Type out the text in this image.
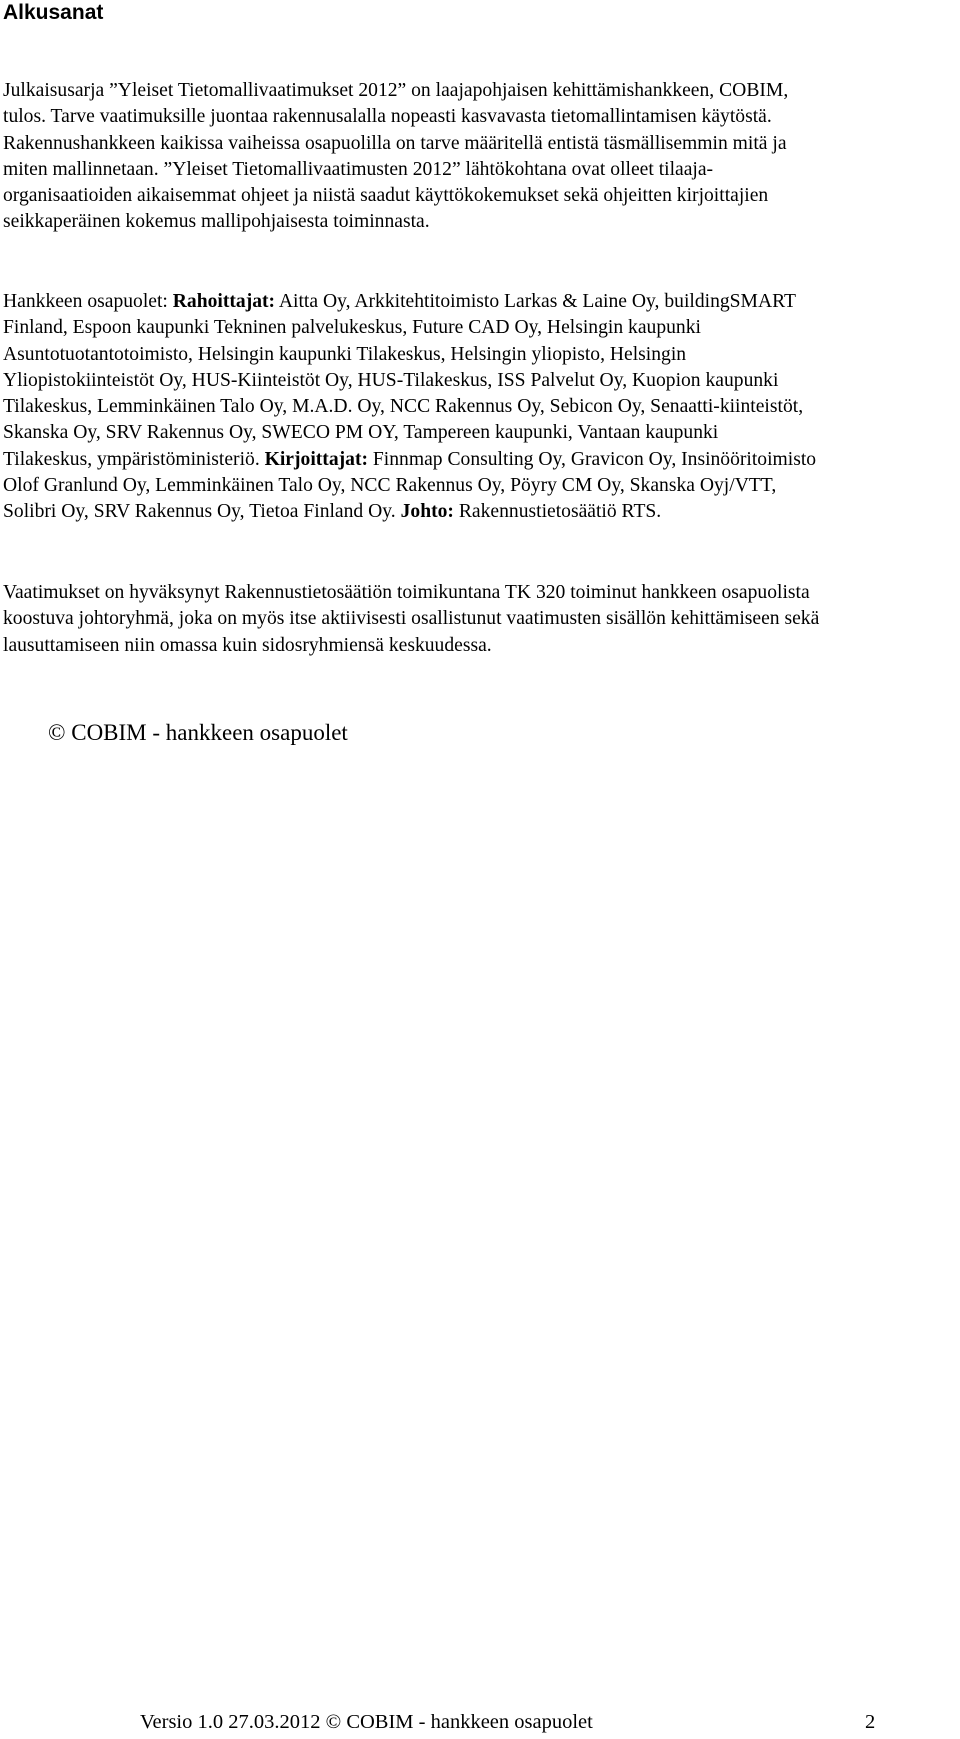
Alkusanat
Julkaisusarja ”Yleiset Tietomallivaatimukset 2012” on laajapohjaisen kehittämishankkeen, COBIM,
tulos. Tarve vaatimuksille juontaa rakennusalalla nopeasti kasvavasta tietomallintamisen käytöstä.
Rakennushankkeen kaikissa vaiheissa osapuolilla on tarve määritellä entistä täsmällisemmin mitä ja
miten mallinnetaan. ”Yleiset Tietomallivaatimusten 2012” lähtökohtana ovat olleet tilaaja-
organisaatioiden aikaisemmat ohjeet ja niistä saadut käyttökokemukset sekä ohjeitten kirjoittajien
seikkaperäinen kokemus mallipohjaisesta toiminnasta.
Hankkeen osapuolet: Rahoittajat: Aitta Oy, Arkkitehtitoimisto Larkas & Laine Oy, buildingSMART
Finland, Espoon kaupunki Tekninen palvelukeskus, Future CAD Oy, Helsingin kaupunki
Asuntotuotantotoimisto, Helsingin kaupunki Tilakeskus, Helsingin yliopisto, Helsingin
Yliopistokiinteistöt Oy, HUS-Kiinteistöt Oy, HUS-Tilakeskus, ISS Palvelut Oy, Kuopion kaupunki
Tilakeskus, Lemminkäinen Talo Oy, M.A.D. Oy, NCC Rakennus Oy, Sebicon Oy, Senaatti-kiinteistöt,
Skanska Oy, SRV Rakennus Oy, SWECO PM OY, Tampereen kaupunki, Vantaan kaupunki
Tilakeskus, ympäristöministeriö. Kirjoittajat: Finnmap Consulting Oy, Gravicon Oy, Insinööritoimisto
Olof Granlund Oy, Lemminkäinen Talo Oy, NCC Rakennus Oy, Pöyry CM Oy, Skanska Oyj/VTT,
Solibri Oy, SRV Rakennus Oy, Tietoa Finland Oy. Johto: Rakennustietosäätiö RTS.
Vaatimukset on hyväksynyt Rakennustietosäätiön toimikuntana TK 320 toiminut hankkeen osapuolista
koostuva johtoryhmä, joka on myös itse aktiivisesti osallistunut vaatimusten sisällön kehittämiseen sekä
lausuttamiseen niin omassa kuin sidosryhmiensä keskuudessa.
© COBIM - hankkeen osapuolet
Versio 1.0 27.03.2012 © COBIM - hankkeen osapuolet	2
